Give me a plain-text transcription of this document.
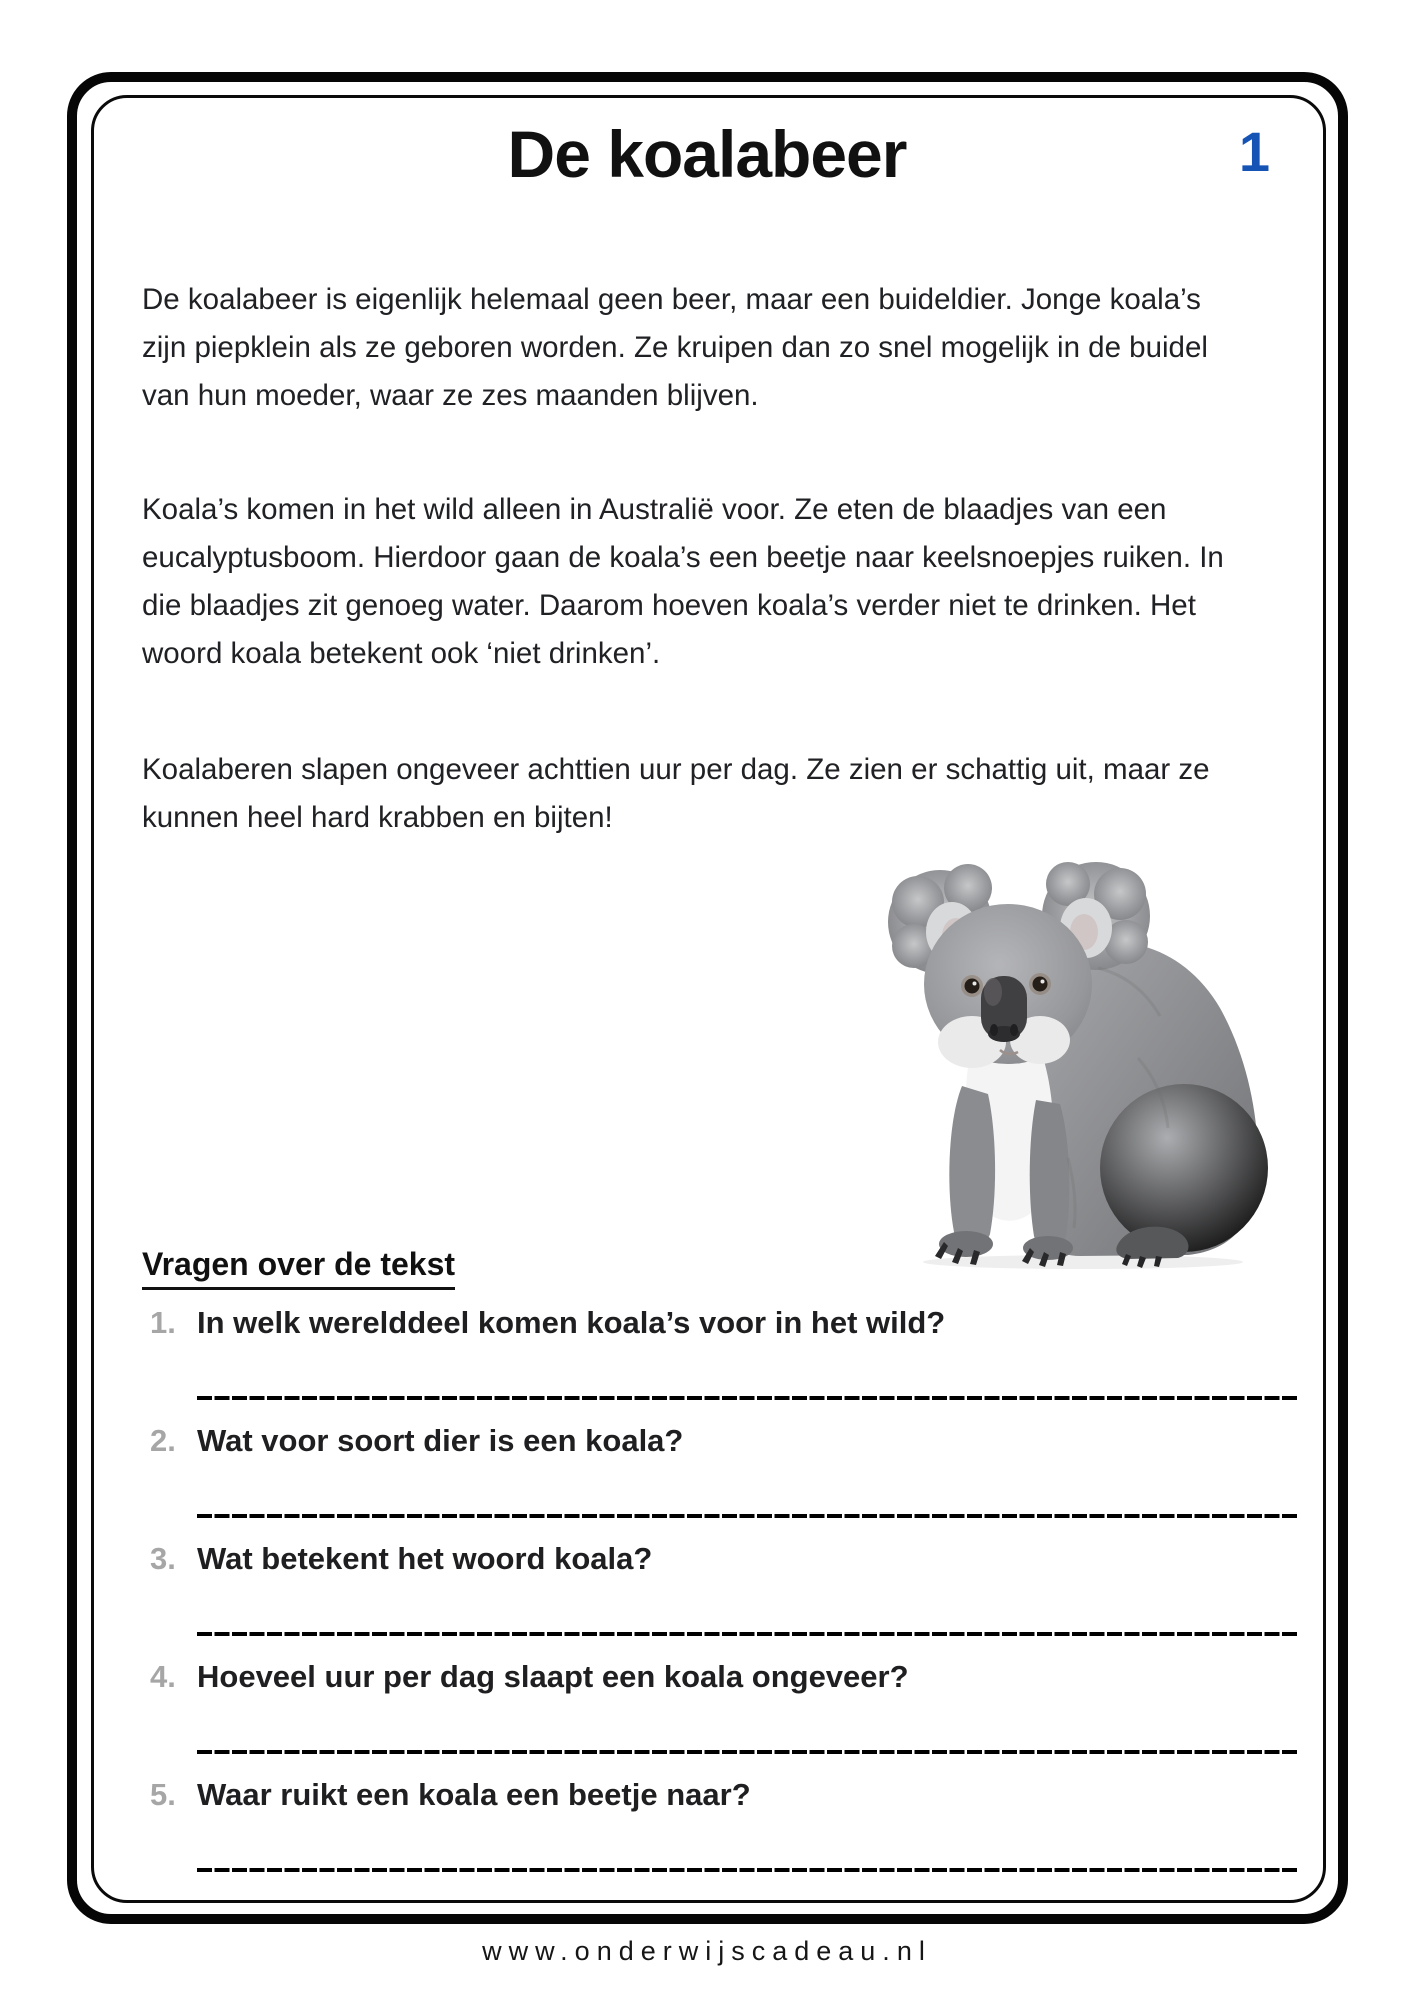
1
De koalabeer
De koalabeer is eigenlijk helemaal geen beer, maar een buideldier. Jonge koala’s
zijn piepklein als ze geboren worden. Ze kruipen dan zo snel mogelijk in de buidel
van hun moeder, waar ze zes maanden blijven.
Koala’s komen in het wild alleen in Australië voor. Ze eten de blaadjes van een
eucalyptusboom. Hierdoor gaan de koala’s een beetje naar keelsnoepjes ruiken. In
die blaadjes zit genoeg water. Daarom hoeven koala’s verder niet te drinken. Het
woord koala betekent ook ‘niet drinken’.
Koalaberen slapen ongeveer achttien uur per dag. Ze zien er schattig uit, maar ze
kunnen heel hard krabben en bijten!
Vragen over de tekst
1. In welk werelddeel komen koala’s voor in het wild?
2. Wat voor soort dier is een koala?
3. Wat betekent het woord koala?
4. Hoeveel uur per dag slaapt een koala ongeveer?
5. Waar ruikt een koala een beetje naar?
www.onderwijscadeau.nl
